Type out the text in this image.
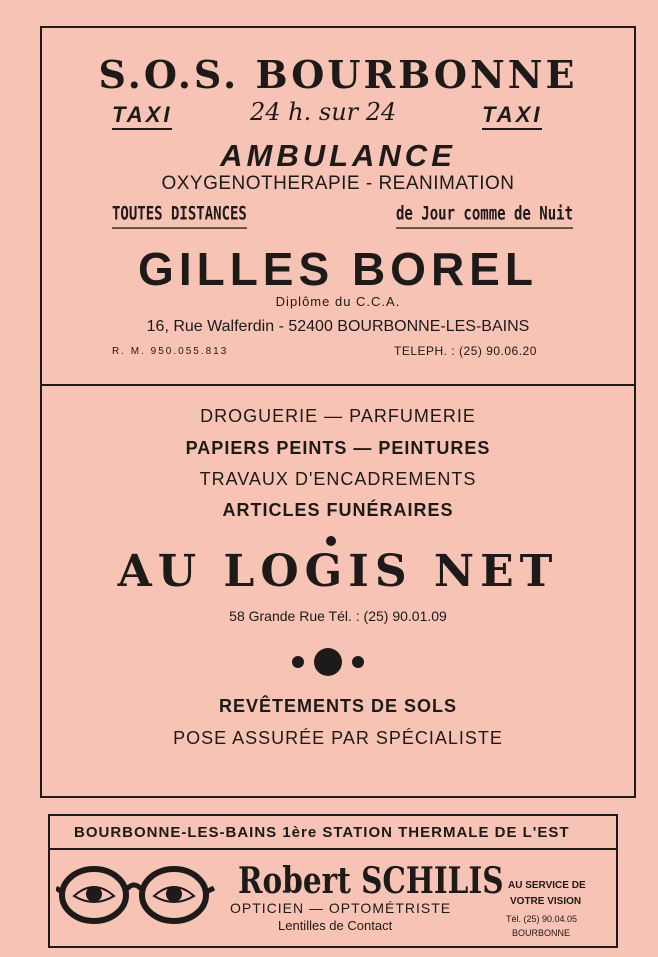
S.O.S. BOURBONNE
TAXI	24 h. sur 24	TAXI
AMBULANCE
OXYGENOTHERAPIE - REANIMATION
TOUTES DISTANCES	de Jour comme de Nuit
GILLES BOREL
Diplôme du C.C.A.
16, Rue Walferdin - 52400 BOURBONNE-LES-BAINS
R. M. 950.055.813	TELEPH. : (25) 90.06.20
DROGUERIE — PARFUMERIE
PAPIERS PEINTS — PEINTURES
TRAVAUX D'ENCADREMENTS
ARTICLES FUNÉRAIRES
AU LOGIS NET
58 Grande Rue Tél. : (25) 90.01.09
REVÊTEMENTS DE SOLS
POSE ASSURÉE PAR SPÉCIALISTE
BOURBONNE-LES-BAINS 1ère STATION THERMALE DE L'EST
Robert SCHILIS
OPTICIEN — OPTOMÉTRISTE
Lentilles de Contact
AU SERVICE DE
VOTRE VISION
Tél. (25) 90.04.05
BOURBONNE
